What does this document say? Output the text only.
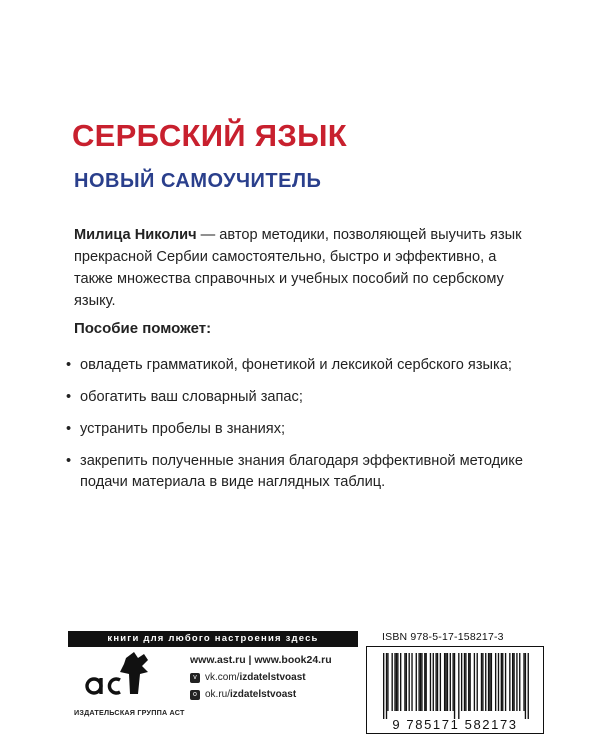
СЕРБСКИЙ ЯЗЫК
НОВЫЙ САМОУЧИТЕЛЬ

Милица Николич — автор методики, позволяющей выучить язык прекрасной Сербии самостоятельно, быстро и эффективно, а также множества справочных и учебных пособий по сербскому языку.

Пособие поможет:
• овладеть грамматикой, фонетикой и лексикой сербского языка;
• обогатить ваш словарный запас;
• устранить пробелы в знаниях;
• закрепить полученные знания благодаря эффективной методике подачи материала в виде наглядных таблиц.
книги для любого настроения здесь
ИЗДАТЕЛЬСКАЯ ГРУППА АСТ
www.ast.ru | www.book24.ru
v vk.com/izdatelstvoast
o ok.ru/izdatelstvoast
ISBN 978-5-17-158217-3
9 785171 582173
